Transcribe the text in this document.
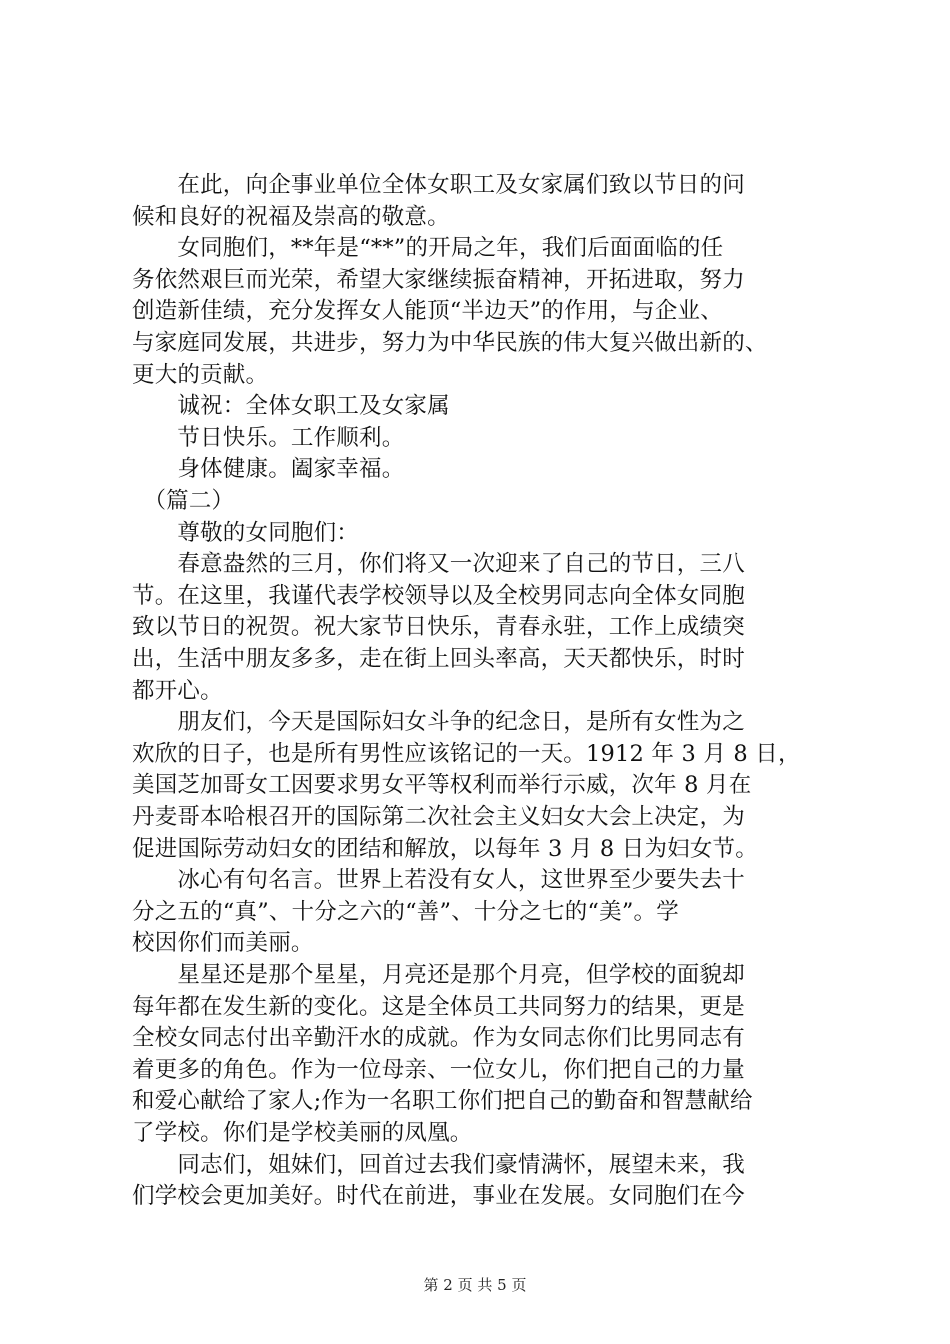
　　在此，向企事业单位全体女职工及女家属们致以节日的问
候和良好的祝福及崇高的敬意。
　　女同胞们，**年是“**”的开局之年，我们后面面临的任
务依然艰巨而光荣，希望大家继续振奋精神，开拓进取，努力
创造新佳绩，充分发挥女人能顶“半边天”的作用，与企业、
与家庭同发展，共进步，努力为中华民族的伟大复兴做出新的、
更大的贡献。
　　诚祝：全体女职工及女家属
　　节日快乐。工作顺利。
　　身体健康。阖家幸福。
　（篇二）
　　尊敬的女同胞们：
　　春意盎然的三月，你们将又一次迎来了自己的节日，三八
节。在这里，我谨代表学校领导以及全校男同志向全体女同胞
致以节日的祝贺。祝大家节日快乐，青春永驻，工作上成绩突
出，生活中朋友多多，走在街上回头率高，天天都快乐，时时
都开心。
　　朋友们，今天是国际妇女斗争的纪念日，是所有女性为之
欢欣的日子，也是所有男性应该铭记的一天。1912 年 3 月 8 日，
美国芝加哥女工因要求男女平等权利而举行示威，次年 8 月在
丹麦哥本哈根召开的国际第二次社会主义妇女大会上决定，为
促进国际劳动妇女的团结和解放，以每年 3 月 8 日为妇女节。
　　冰心有句名言。世界上若没有女人，这世界至少要失去十
分之五的“真”、十分之六的“善”、十分之七的“美”。学
校因你们而美丽。
　　星星还是那个星星，月亮还是那个月亮，但学校的面貌却
每年都在发生新的变化。这是全体员工共同努力的结果，更是
全校女同志付出辛勤汗水的成就。作为女同志你们比男同志有
着更多的角色。作为一位母亲、一位女儿，你们把自己的力量
和爱心献给了家人;作为一名职工你们把自己的勤奋和智慧献给
了学校。你们是学校美丽的凤凰。
　　同志们，姐妹们，回首过去我们豪情满怀，展望未来，我
们学校会更加美好。时代在前进，事业在发展。女同胞们在今
第 2 页 共 5 页
